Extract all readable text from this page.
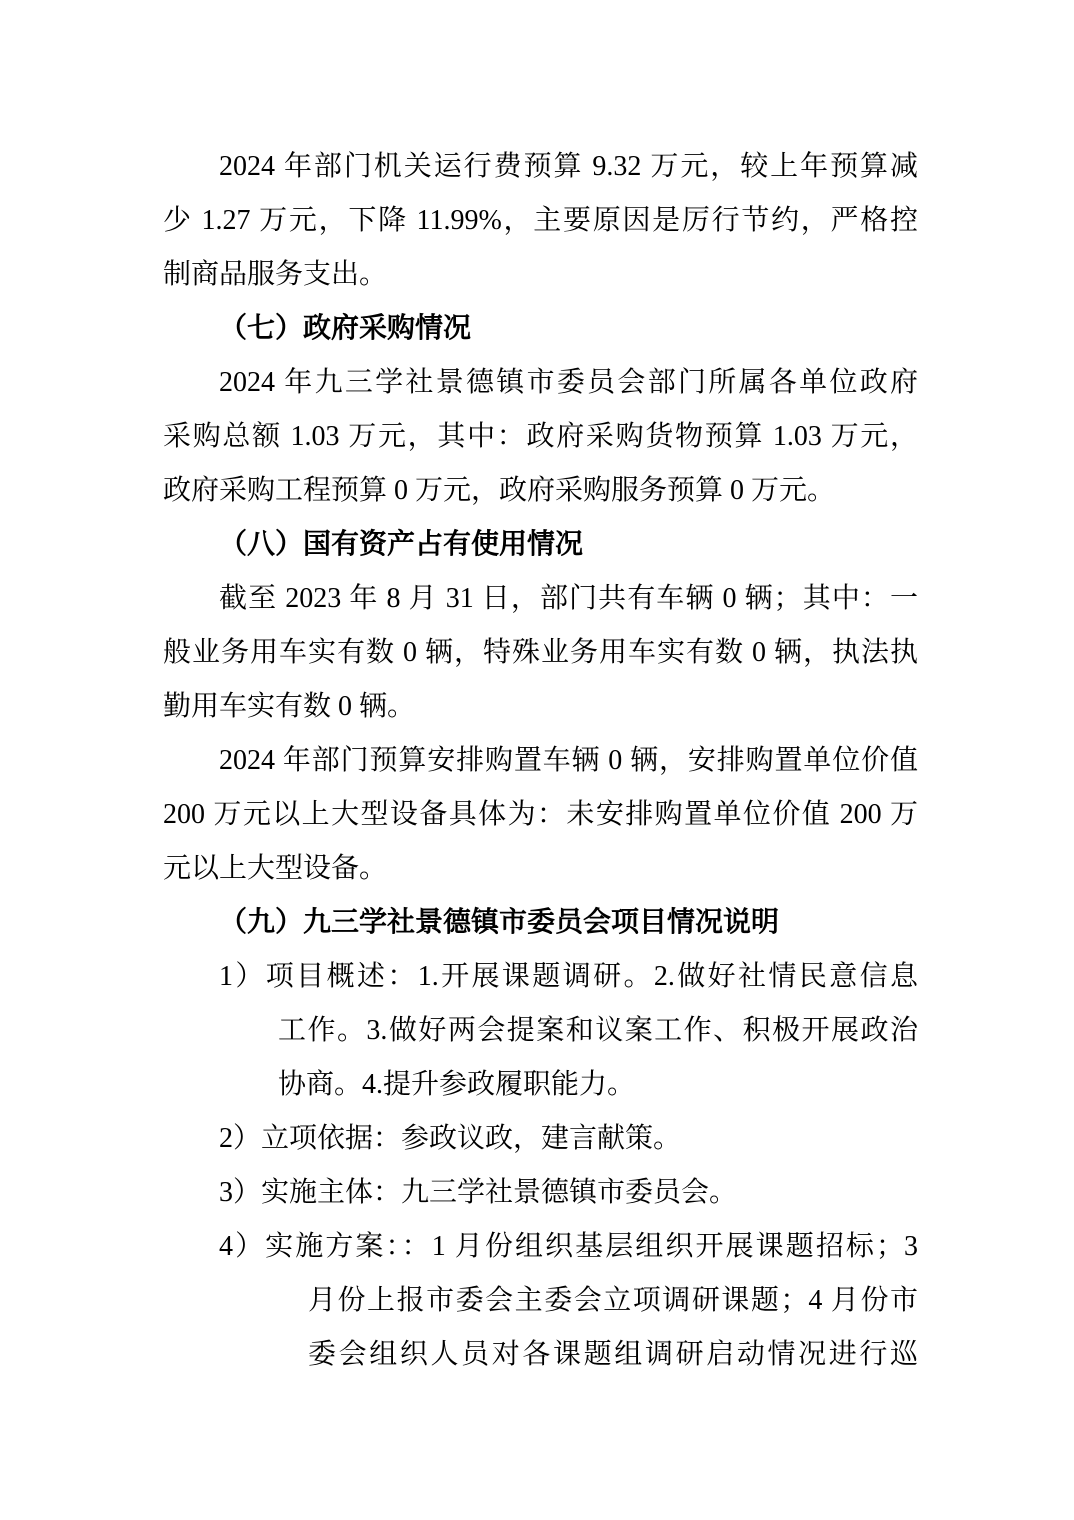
2024 年部门机关运行费预算 9.32 万元，较上年预算减
少 1.27 万元，下降 11.99%，主要原因是厉行节约，严格控
制商品服务支出。
（七）政府采购情况
2024 年九三学社景德镇市委员会部门所属各单位政府
采购总额 1.03 万元，其中：政府采购货物预算 1.03 万元，
政府采购工程预算 0 万元，政府采购服务预算 0 万元。
（八）国有资产占有使用情况
截至 2023 年 8 月 31 日，部门共有车辆 0 辆；其中：一
般业务用车实有数 0 辆，特殊业务用车实有数 0 辆，执法执
勤用车实有数 0 辆。
2024 年部门预算安排购置车辆 0 辆，安排购置单位价值
200 万元以上大型设备具体为：未安排购置单位价值 200 万
元以上大型设备。
（九）九三学社景德镇市委员会项目情况说明
1）项目概述：1.开展课题调研。2.做好社情民意信息
工作。3.做好两会提案和议案工作、积极开展政治
协商。4.提升参政履职能力。
2）立项依据：参政议政，建言献策。
3）实施主体：九三学社景德镇市委员会。
4）实施方案：：1 月份组织基层组织开展课题招标；3
月份上报市委会主委会立项调研课题；4 月份市
委会组织人员对各课题组调研启动情况进行巡
